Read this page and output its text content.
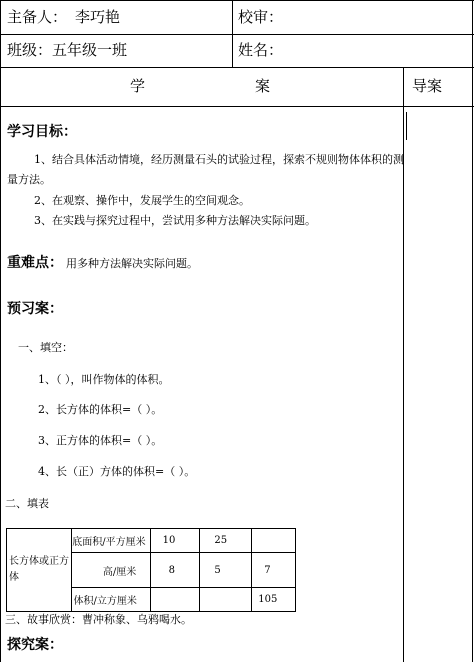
主备人： 李巧艳	校审：
班级： 五年级一班	姓名：
学	案	导案
学习目标：
1、结合具体活动情境，经历测量石头的试验过程，探索不规则物体体积的测
量方法。
2、在观察、操作中，发展学生的空间观念。
3、在实践与探究过程中，尝试用多种方法解决实际问题。
重难点： 用多种方法解决实际问题。
预习案：
一、填空：
1、（ ），叫作物体的体积。
2、长方体的体积=（ ）。
3、正方体的体积=（ ）。
4、长（正）方体的体积=（ ）。
二、填表
长方体或正方体	底面积/平方厘米	10	25	
	高/厘米	8	5	7
	体积/立方厘米			105
三、故事欣赏：曹冲称象、乌鸦喝水。
探究案：
